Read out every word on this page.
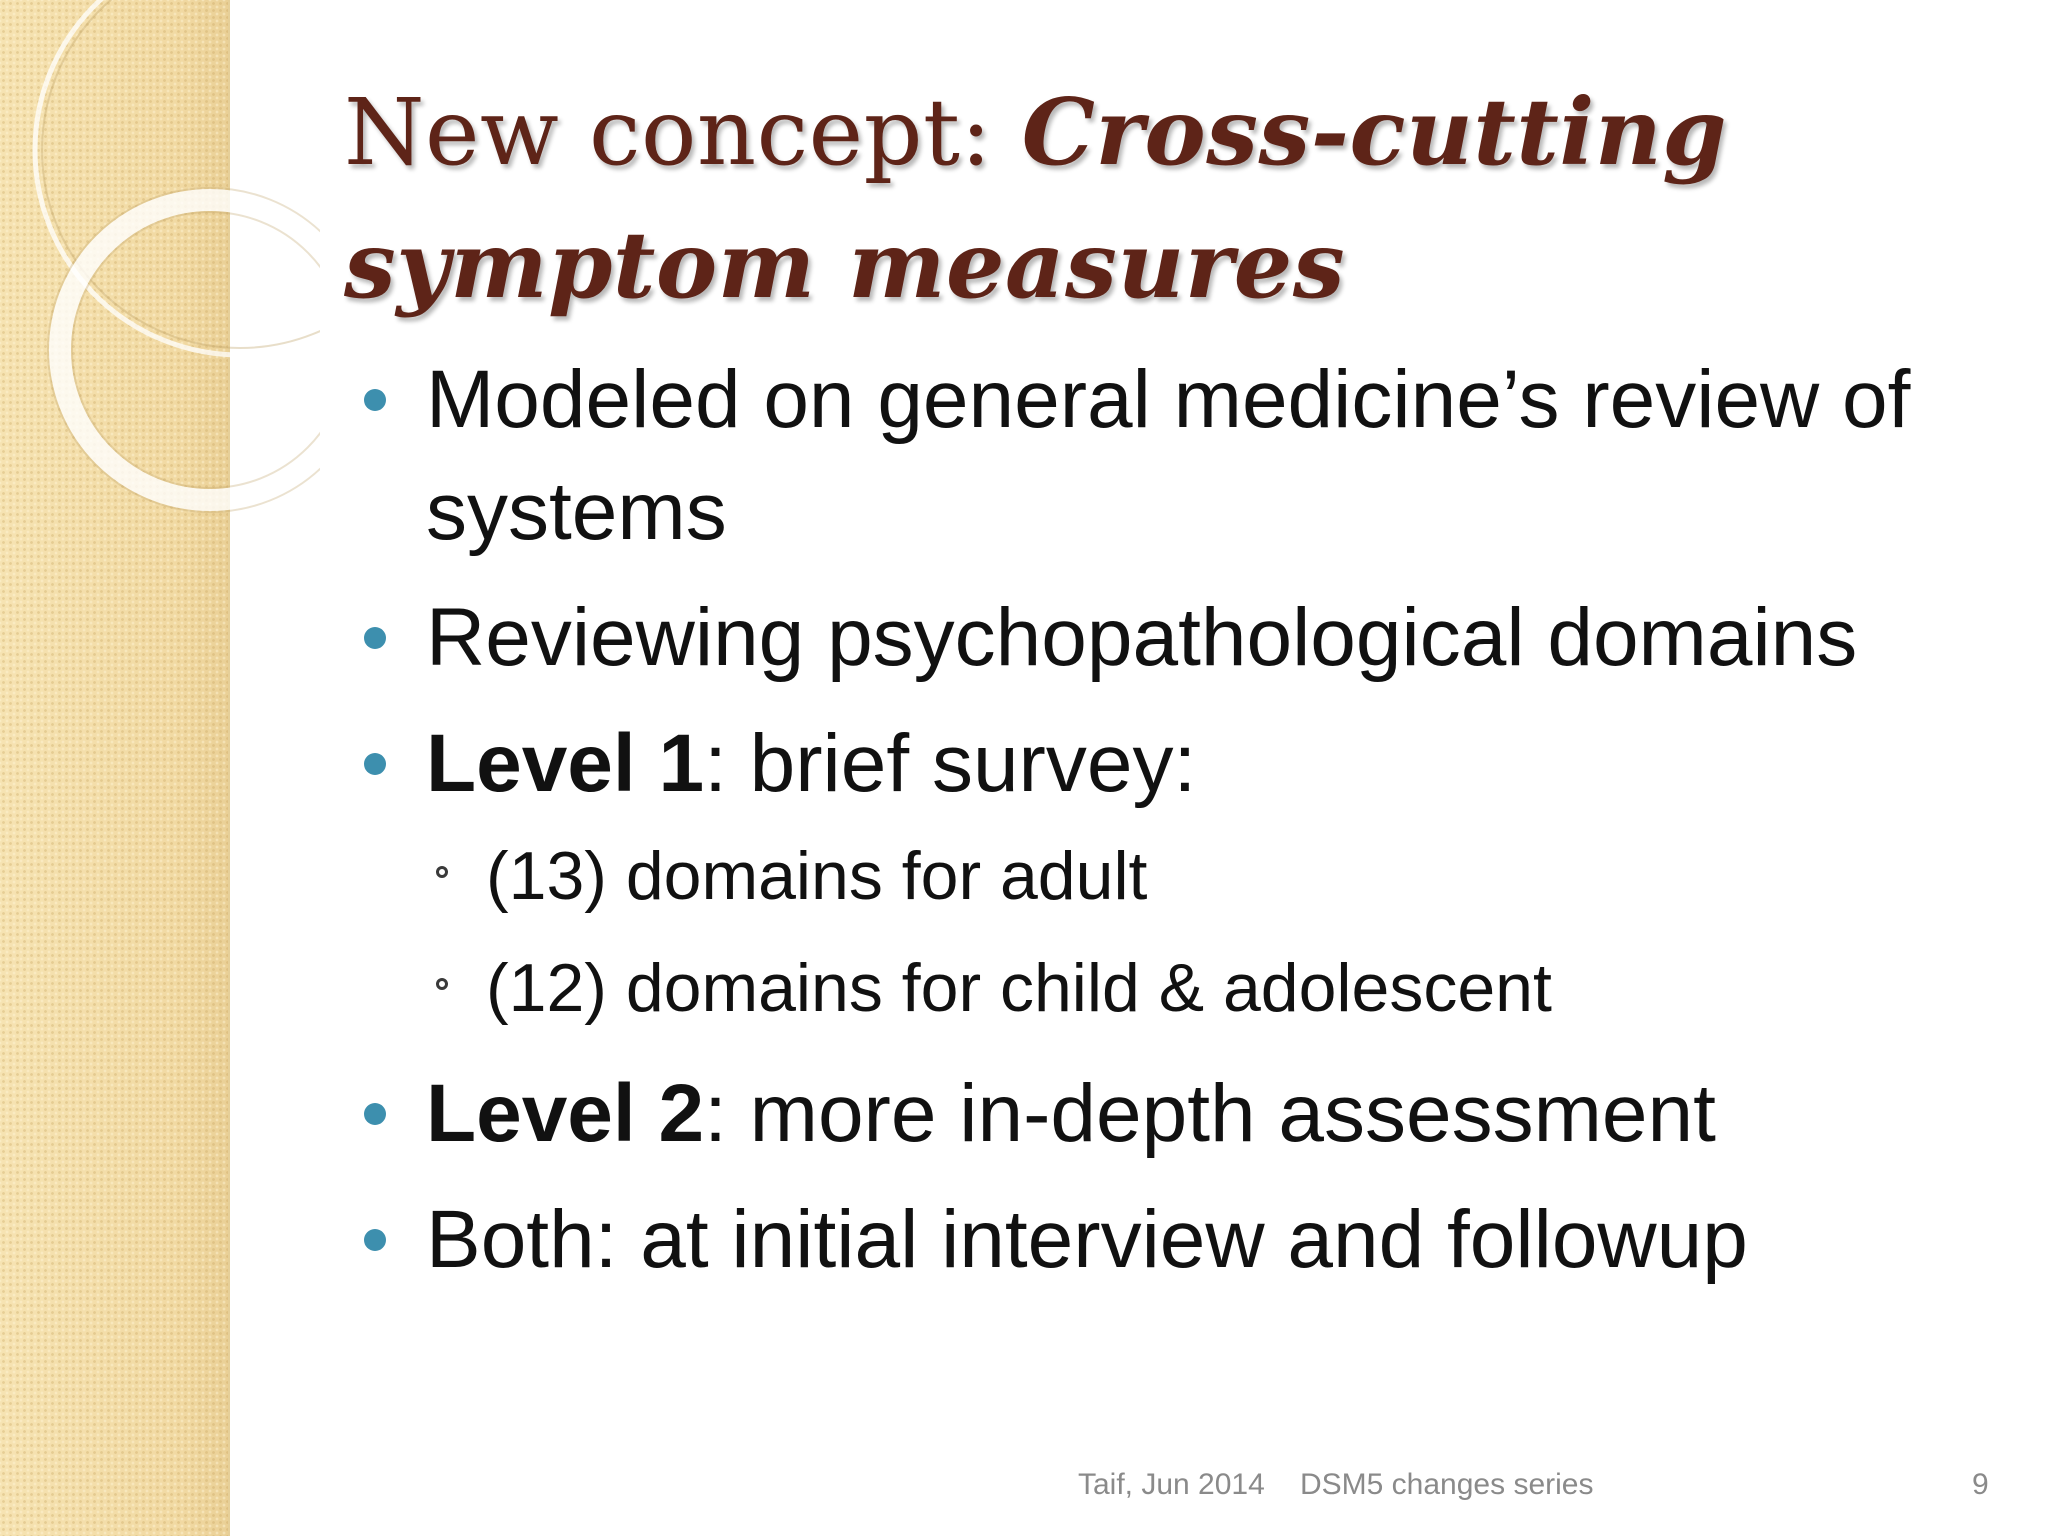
New concept: Cross-cutting symptom measures
Modeled on general medicine’s review of systems
Reviewing psychopathological domains
Level 1: brief survey:
(13) domains for adult
(12) domains for child & adolescent
Level 2: more in-depth assessment
Both: at initial interview and followup
Taif, Jun 2014 DSM5 changes series	9
